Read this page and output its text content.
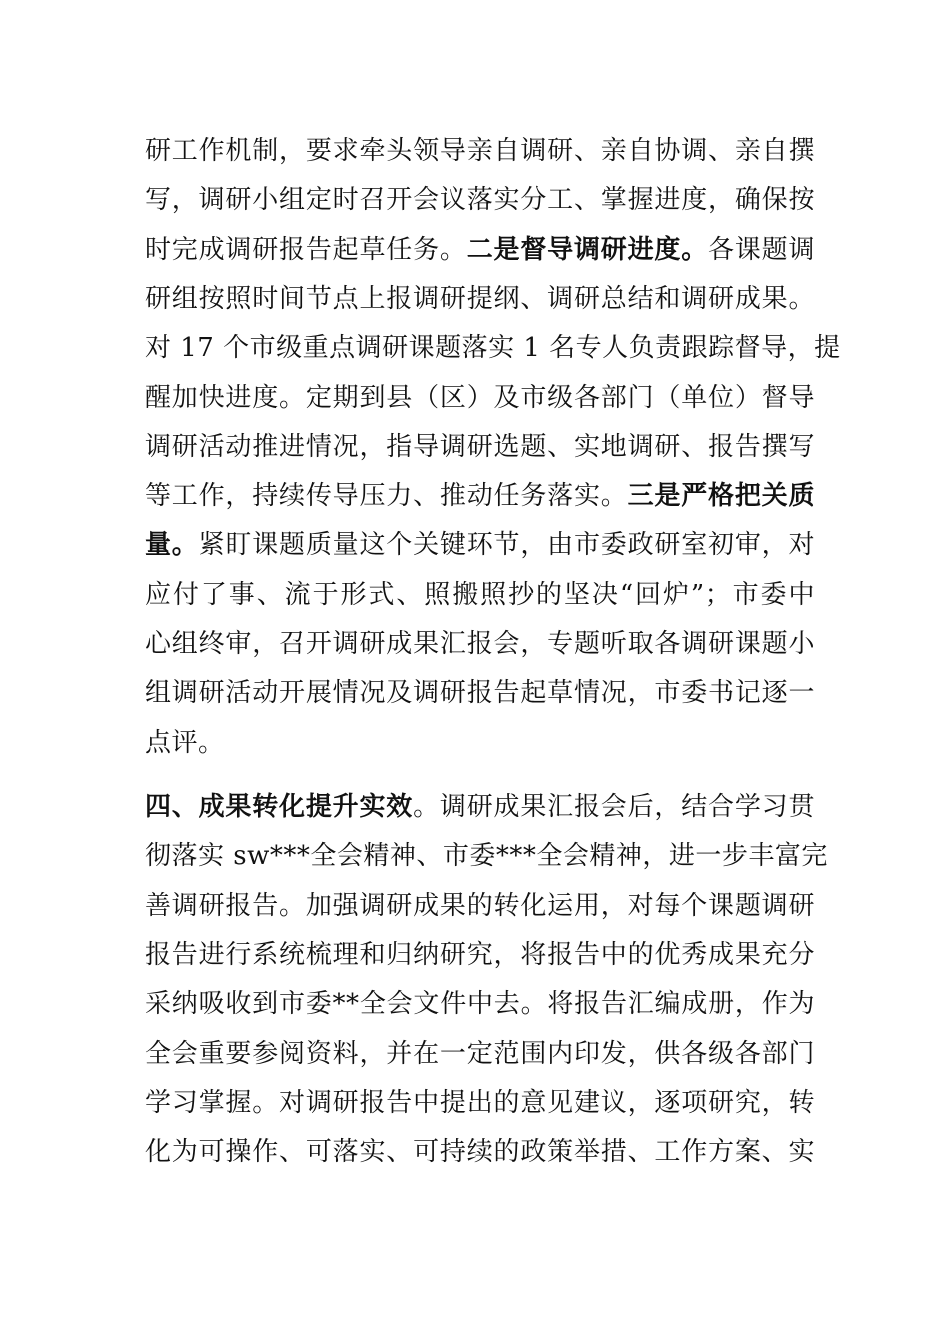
研工作机制，要求牵头领导亲自调研、亲自协调、亲自撰
写，调研小组定时召开会议落实分工、掌握进度，确保按
时完成调研报告起草任务。二是督导调研进度。各课题调
研组按照时间节点上报调研提纲、调研总结和调研成果。
对 17 个市级重点调研课题落实 1 名专人负责跟踪督导，提
醒加快进度。定期到县（区）及市级各部门（单位）督导
调研活动推进情况，指导调研选题、实地调研、报告撰写
等工作，持续传导压力、推动任务落实。三是严格把关质
量。紧盯课题质量这个关键环节，由市委政研室初审，对
应付了事、流于形式、照搬照抄的坚决“回炉”；市委中
心组终审，召开调研成果汇报会，专题听取各调研课题小
组调研活动开展情况及调研报告起草情况，市委书记逐一
点评。
四、成果转化提升实效。调研成果汇报会后，结合学习贯
彻落实 sw***全会精神、市委***全会精神，进一步丰富完
善调研报告。加强调研成果的转化运用，对每个课题调研
报告进行系统梳理和归纳研究，将报告中的优秀成果充分
采纳吸收到市委**全会文件中去。将报告汇编成册，作为
全会重要参阅资料，并在一定范围内印发，供各级各部门
学习掌握。对调研报告中提出的意见建议，逐项研究，转
化为可操作、可落实、可持续的政策举措、工作方案、实
